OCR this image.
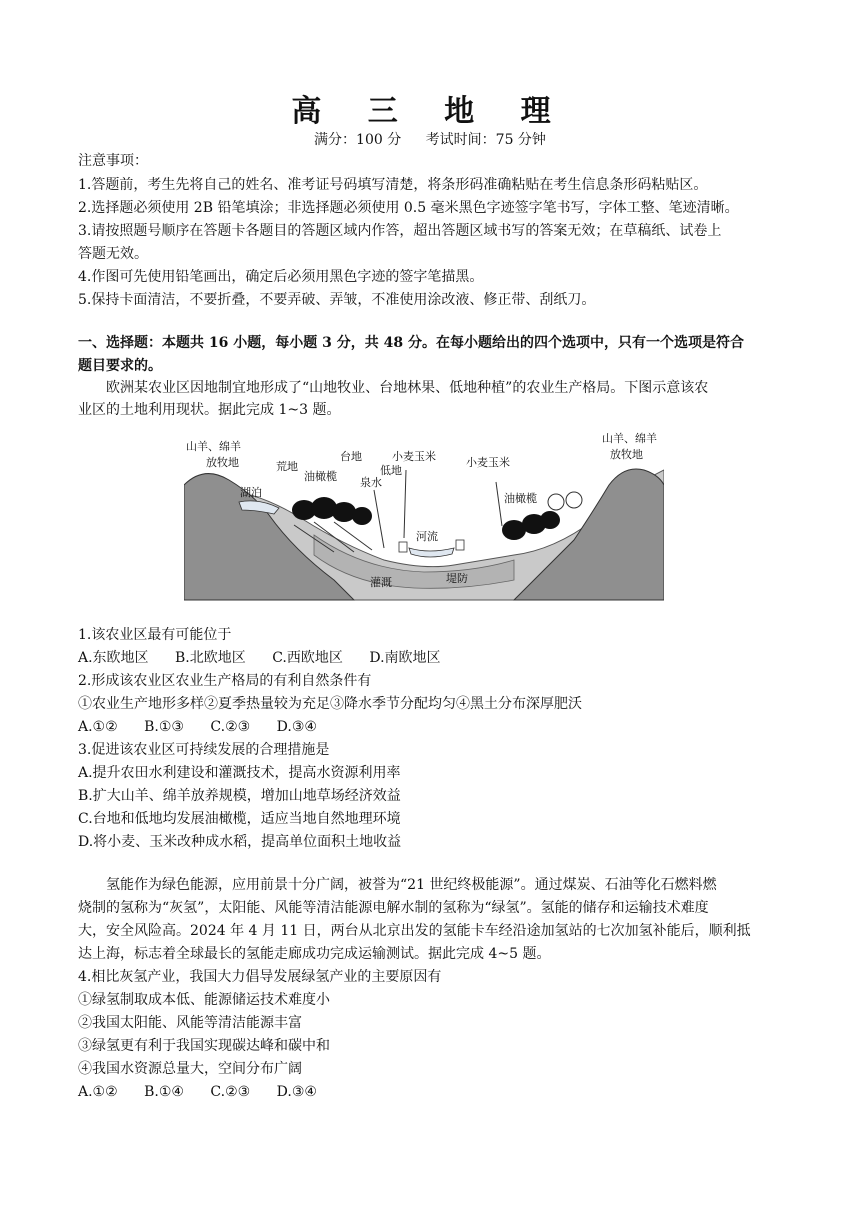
高 三 地 理
满分：100 分 考试时间：75 分钟
注意事项：
1.答题前，考生先将自己的姓名、准考证号码填写清楚，将条形码准确粘贴在考生信息条形码粘贴区。
2.选择题必须使用 2B 铅笔填涂；非选择题必须使用 0.5 毫米黑色字迹签字笔书写，字体工整、笔迹清晰。
3.请按照题号顺序在答题卡各题目的答题区域内作答，超出答题区域书写的答案无效；在草稿纸、试卷上
答题无效。
4.作图可先使用铅笔画出，确定后必须用黑色字迹的签字笔描黑。
5.保持卡面清洁，不要折叠，不要弄破、弄皱，不准使用涂改液、修正带、刮纸刀。
一、选择题：本题共 16 小题，每小题 3 分，共 48 分。在每小题给出的四个选项中，只有一个选项是符合
题目要求的。
欧洲某农业区因地制宜地形成了“山地牧业、台地林果、低地种植”的农业生产格局。下图示意该农
业区的土地利用现状。据此完成 1~3 题。
山羊、绵羊
放牧地
湖泊
荒地
油橄榄
台地
泉水
低地
小麦玉米	小麦玉米
河流
油橄榄
山羊、绵羊
放牧地
灌溉	堤防
1.该农业区最有可能位于
A.东欧地区 B.北欧地区 C.西欧地区 D.南欧地区
2.形成该农业区农业生产格局的有利自然条件有
①农业生产地形多样②夏季热量较为充足③降水季节分配均匀④黑土分布深厚肥沃
A.①② B.①③ C.②③ D.③④
3.促进该农业区可持续发展的合理措施是
A.提升农田水利建设和灌溉技术，提高水资源利用率
B.扩大山羊、绵羊放养规模，增加山地草场经济效益
C.台地和低地均发展油橄榄，适应当地自然地理环境
D.将小麦、玉米改种成水稻，提高单位面积土地收益
氢能作为绿色能源，应用前景十分广阔，被誉为“21 世纪终极能源”。通过煤炭、石油等化石燃料燃
烧制的氢称为“灰氢”，太阳能、风能等清洁能源电解水制的氢称为“绿氢”。氢能的储存和运输技术难度
大，安全风险高。2024 年 4 月 11 日，两台从北京出发的氢能卡车经沿途加氢站的七次加氢补能后，顺利抵
达上海，标志着全球最长的氢能走廊成功完成运输测试。据此完成 4~5 题。
4.相比灰氢产业，我国大力倡导发展绿氢产业的主要原因有
①绿氢制取成本低、能源储运技术难度小
②我国太阳能、风能等清洁能源丰富
③绿氢更有利于我国实现碳达峰和碳中和
④我国水资源总量大，空间分布广阔
A.①② B.①④ C.②③ D.③④
